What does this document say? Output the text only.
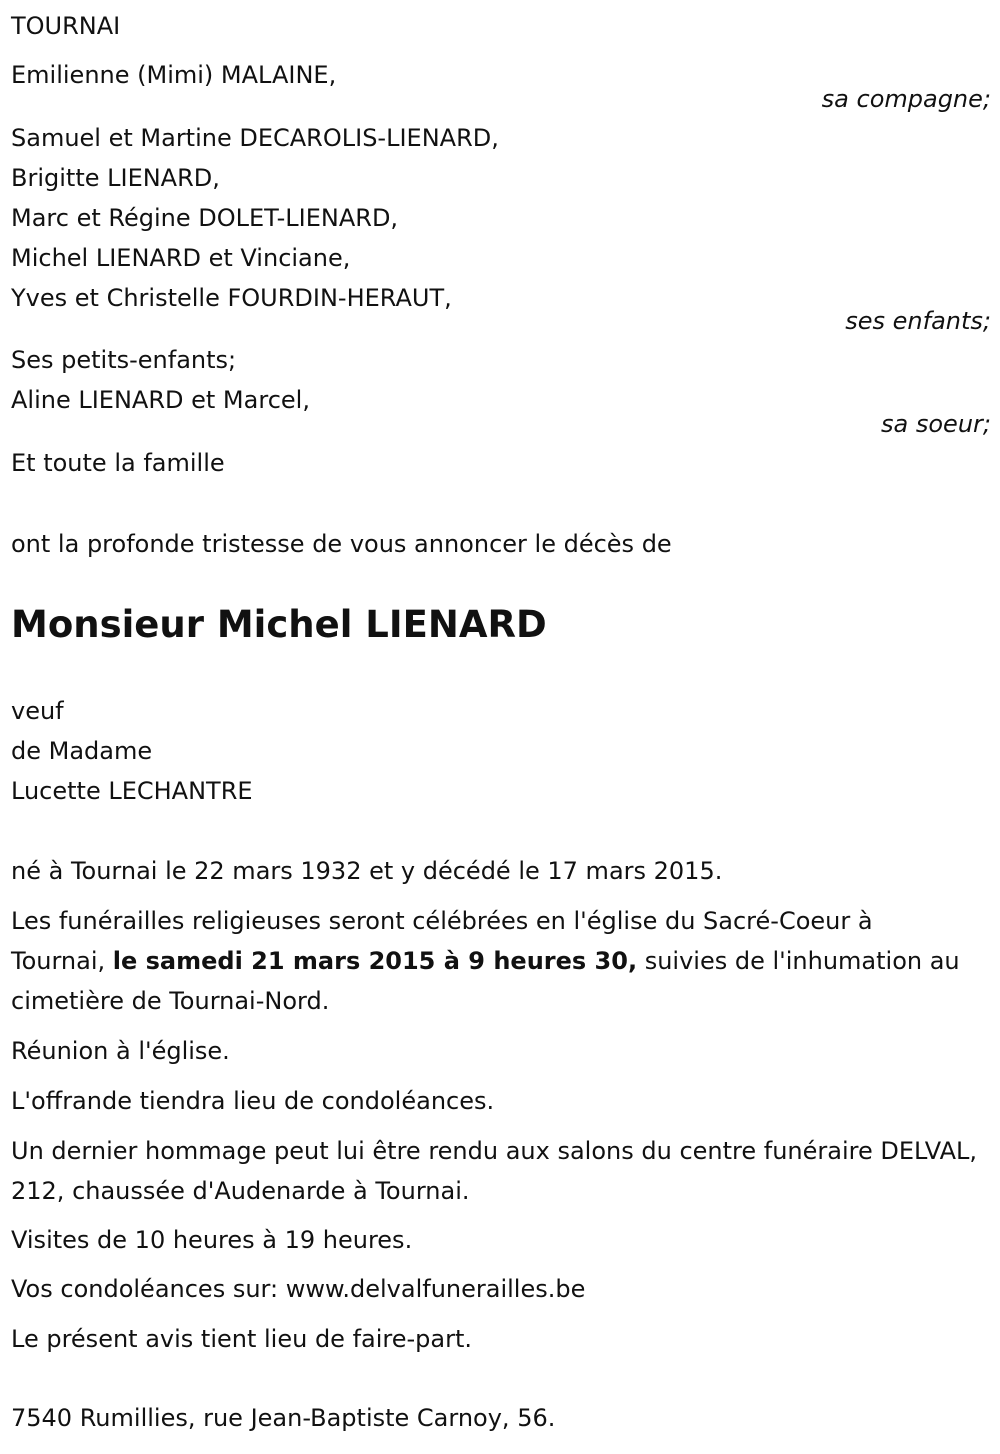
TOURNAI
Emilienne (Mimi) MALAINE,
sa compagne;
Samuel et Martine DECAROLIS-LIENARD,
Brigitte LIENARD,
Marc et Régine DOLET-LIENARD,
Michel LIENARD et Vinciane,
Yves et Christelle FOURDIN-HERAUT,
ses enfants;
Ses petits-enfants;
Aline LIENARD et Marcel,
sa soeur;
Et toute la famille
ont la profonde tristesse de vous annoncer le décès de
Monsieur Michel LIENARD
veuf
de Madame
Lucette LECHANTRE
né à Tournai le 22 mars 1932 et y décédé le 17 mars 2015.
Les funérailles religieuses seront célébrées en l'église du Sacré-Coeur à Tournai, le samedi 21 mars 2015 à 9 heures 30, suivies de l'inhumation au cimetière de Tournai-Nord.
Réunion à l'église.
L'offrande tiendra lieu de condoléances.
Un dernier hommage peut lui être rendu aux salons du centre funéraire DELVAL, 212, chaussée d'Audenarde à Tournai.
Visites de 10 heures à 19 heures.
Vos condoléances sur: www.delvalfunerailles.be
Le présent avis tient lieu de faire-part.
7540 Rumillies, rue Jean-Baptiste Carnoy, 56.
